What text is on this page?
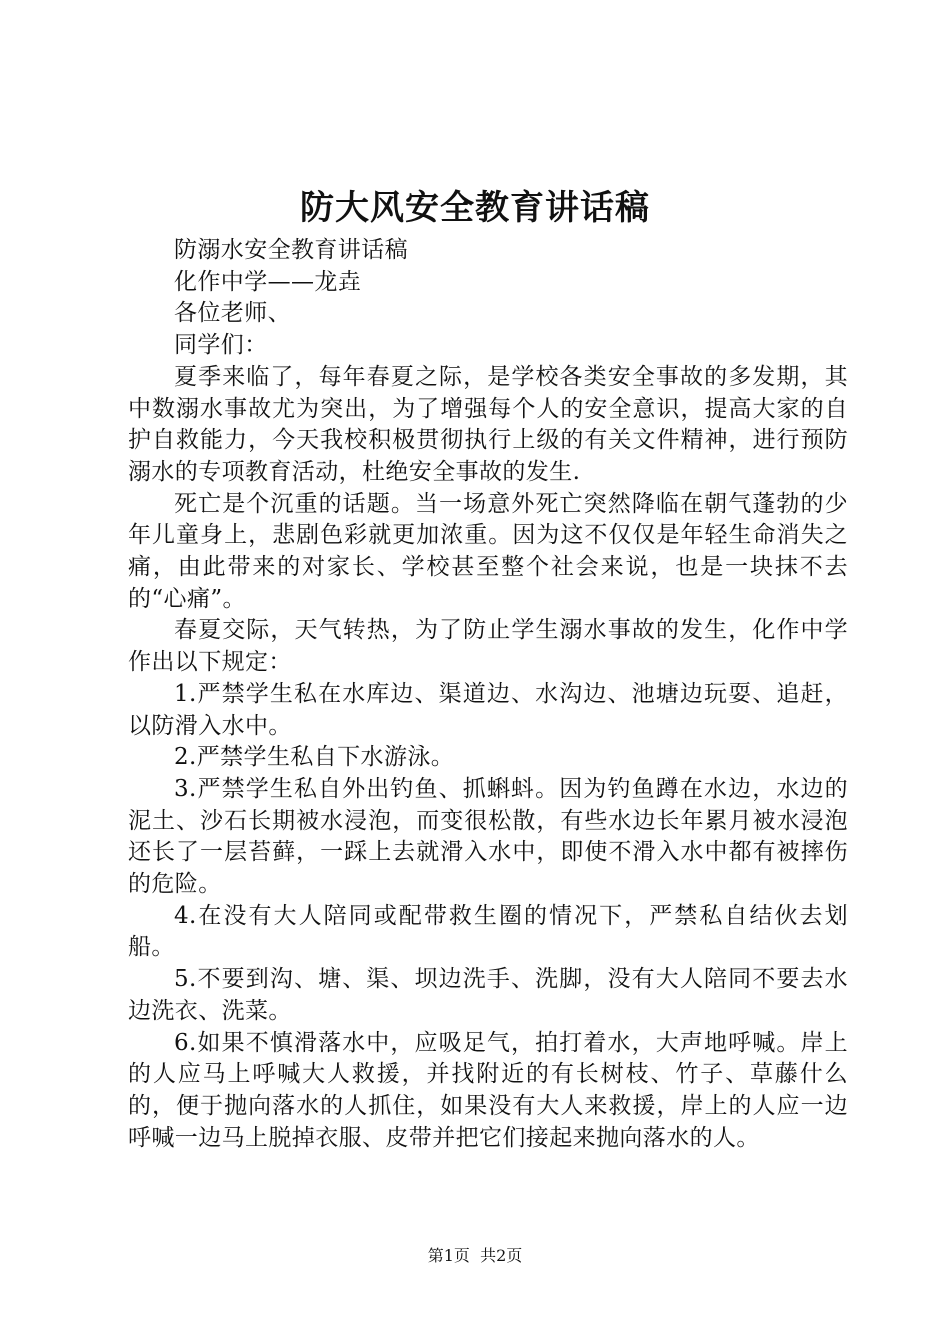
防大风安全教育讲话稿

防溺水安全教育讲话稿

化作中学——龙垚

各位老师、

同学们：

夏季来临了，每年春夏之际，是学校各类安全事故的多发期，其中数溺水事故尤为突出，为了增强每个人的安全意识，提高大家的自护自救能力，今天我校积极贯彻执行上级的有关文件精神，进行预防溺水的专项教育活动，杜绝安全事故的发生.

死亡是个沉重的话题。当一场意外死亡突然降临在朝气蓬勃的少年儿童身上，悲剧色彩就更加浓重。因为这不仅仅是年轻生命消失之痛，由此带来的对家长、学校甚至整个社会来说，也是一块抹不去的“心痛”。

春夏交际，天气转热，为了防止学生溺水事故的发生，化作中学作出以下规定：

1.严禁学生私在水库边、渠道边、水沟边、池塘边玩耍、追赶，以防滑入水中。

2.严禁学生私自下水游泳。

3.严禁学生私自外出钓鱼、抓蝌蚪。因为钓鱼蹲在水边，水边的泥土、沙石长期被水浸泡，而变很松散，有些水边长年累月被水浸泡还长了一层苔藓，一踩上去就滑入水中，即使不滑入水中都有被摔伤的危险。

4.在没有大人陪同或配带救生圈的情况下，严禁私自结伙去划船。

5.不要到沟、塘、渠、坝边洗手、洗脚，没有大人陪同不要去水边洗衣、洗菜。

6.如果不慎滑落水中，应吸足气，拍打着水，大声地呼喊。岸上的人应马上呼喊大人救援，并找附近的有长树枝、竹子、草藤什么的，便于抛向落水的人抓住，如果没有大人来救援，岸上的人应一边呼喊一边马上脱掉衣服、皮带并把它们接起来抛向落水的人。

第1页 共2页
